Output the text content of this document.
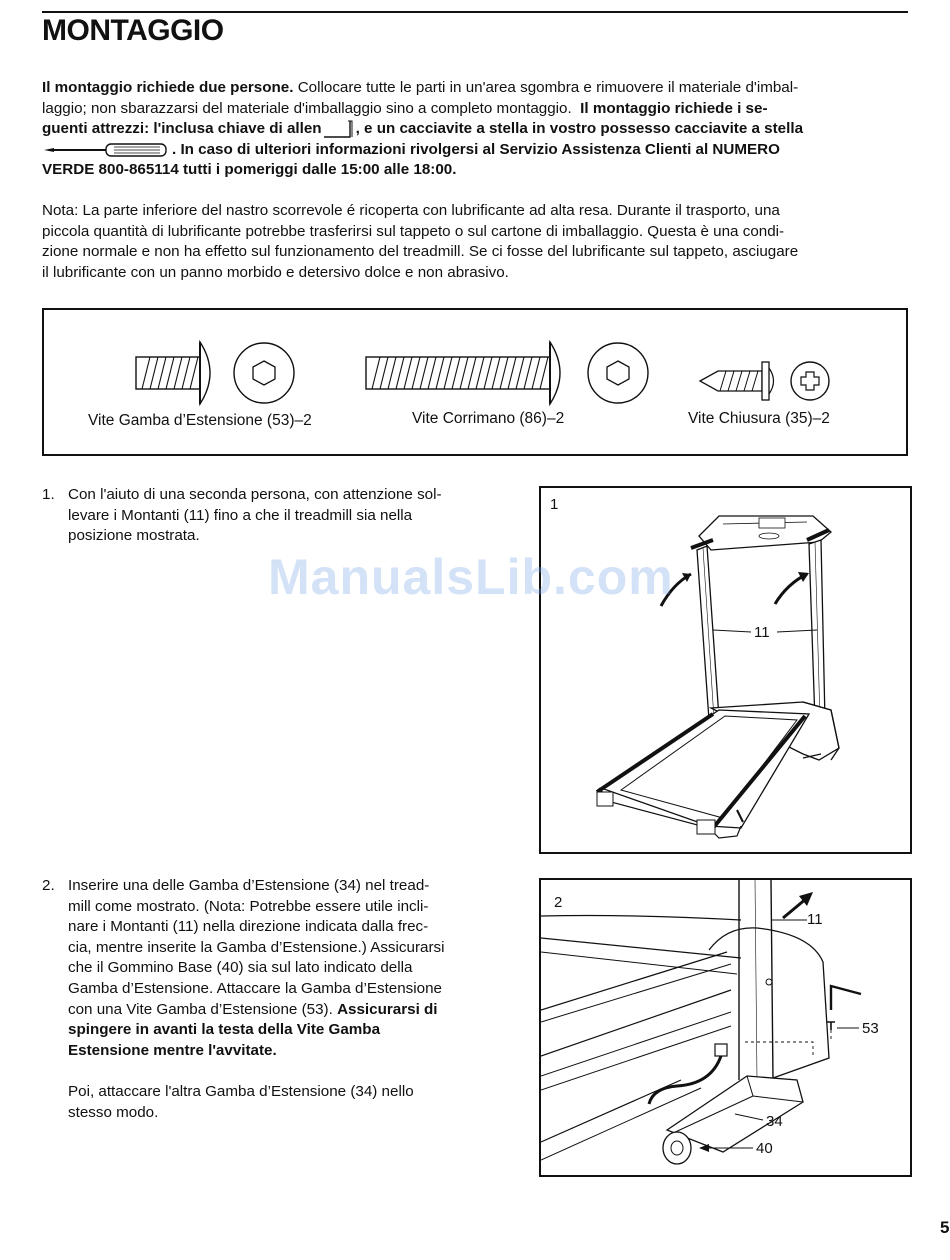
MONTAGGIO
Il montaggio richiede due persone. Collocare tutte le parti in un'area sgombra e rimuovere il materiale d'imbal-
laggio; non sbarazzarsi del materiale d'imballaggio sino a completo montaggio. Il montaggio richiede i se-
guenti attrezzi: l'inclusa chiave di allen , e un cacciavite a stella in vostro possesso cacciavite a stella

. In caso di ulteriori informazioni rivolgersi al Servizio Assistenza Clienti al NUMERO
VERDE 800-865114 tutti i pomeriggi dalle 15:00 alle 18:00.
Nota: La parte inferiore del nastro scorrevole é ricoperta con lubrificante ad alta resa. Durante il trasporto, una
piccola quantità di lubrificante potrebbe trasferirsi sul tappeto o sul cartone di imballaggio. Questa è una condi-
zione normale e non ha effetto sul funzionamento del treadmill. Se ci fosse del lubrificante sul tappeto, asciugare
il lubrificante con un panno morbido e detersivo dolce e non abrasivo.
Vite Gamba d’Estensione (53)–2	Vite Corrimano (86)–2	Vite Chiusura (35)–2
1. Con l'aiuto di una seconda persona, con attenzione sol-
levare i Montanti (11) fino a che il treadmill sia nella
posizione mostrata.
1
11
ManualsLib.com
2. Inserire una delle Gamba d’Estensione (34) nel tread-
mill come mostrato. (Nota: Potrebbe essere utile incli-
nare i Montanti (11) nella direzione indicata dalla frec-
cia, mentre inserite la Gamba d’Estensione.) Assicurarsi
che il Gommino Base (40) sia sul lato indicato della
Gamba d’Estensione. Attaccare la Gamba d’Estensione
con una Vite Gamba d’Estensione (53). Assicurarsi di
spingere in avanti la testa della Vite Gamba
Estensione mentre l'avvitate.

Poi, attaccare l'altra Gamba d’Estensione (34) nello
stesso modo.
2
11
53
34
40
5
